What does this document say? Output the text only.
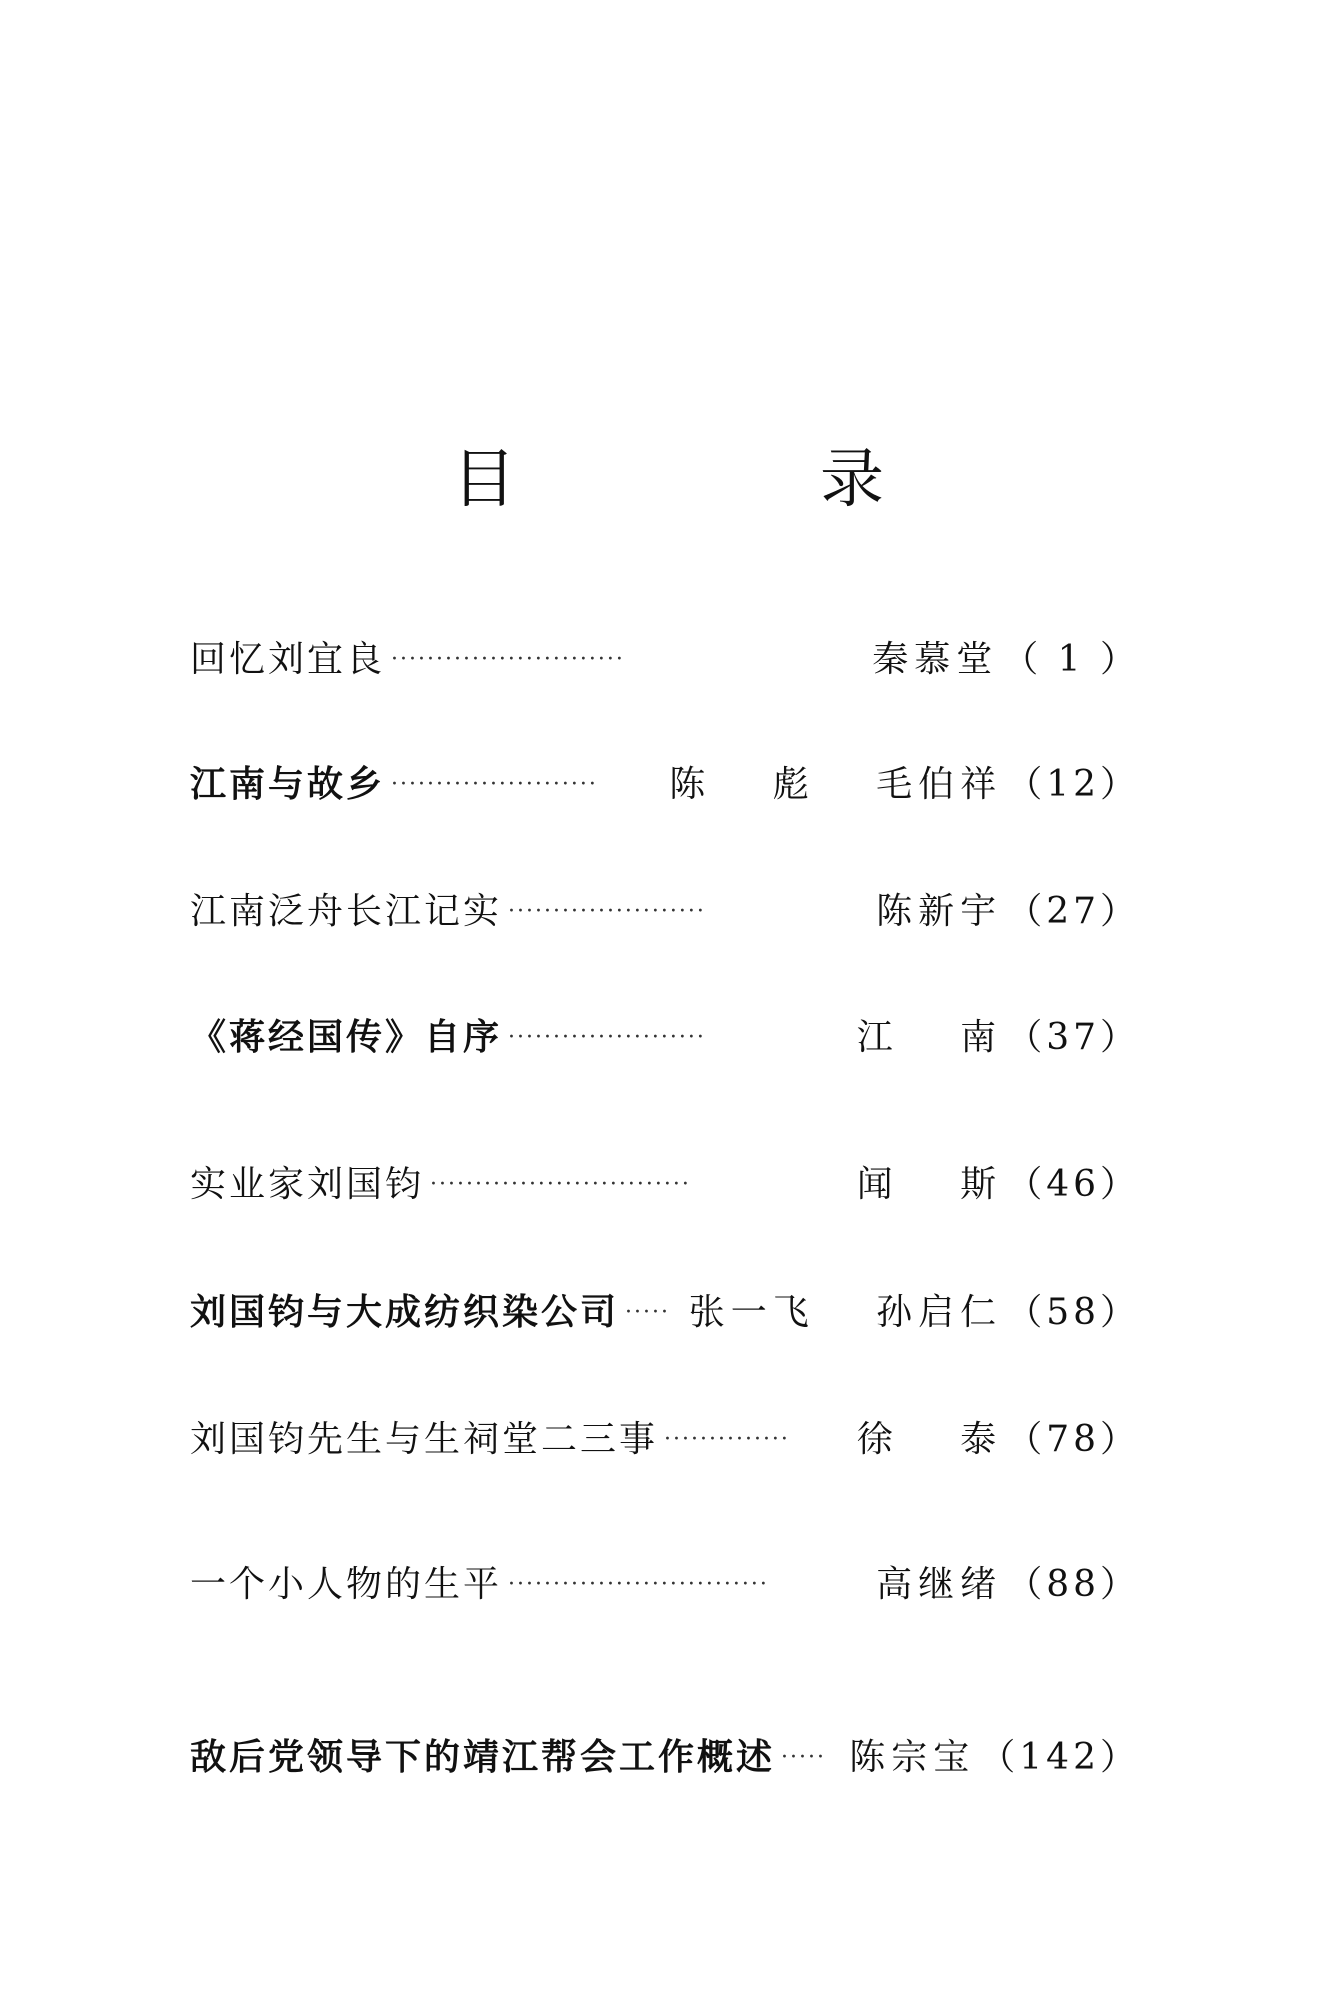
目　录
回忆刘宜良 ··························	秦慕堂 （ 1 ）
江南与故乡 ·······················	陈 彪 毛伯祥 （12）
江南泛舟长江记实 ······················	陈新宇 （27）
《蒋经国传》自序 ······················	江 南 （37）
实业家刘国钧 ·····························	闻 斯 （46）
刘国钧与大成纺织染公司 ····· 张一飞 孙启仁 （58）
刘国钧先生与生祠堂二三事 ··············	徐 泰 （78）
一个小人物的生平 ·····························	高继绪 （88）
敌后党领导下的靖江帮会工作概述 ····· 陈宗宝 （142）
